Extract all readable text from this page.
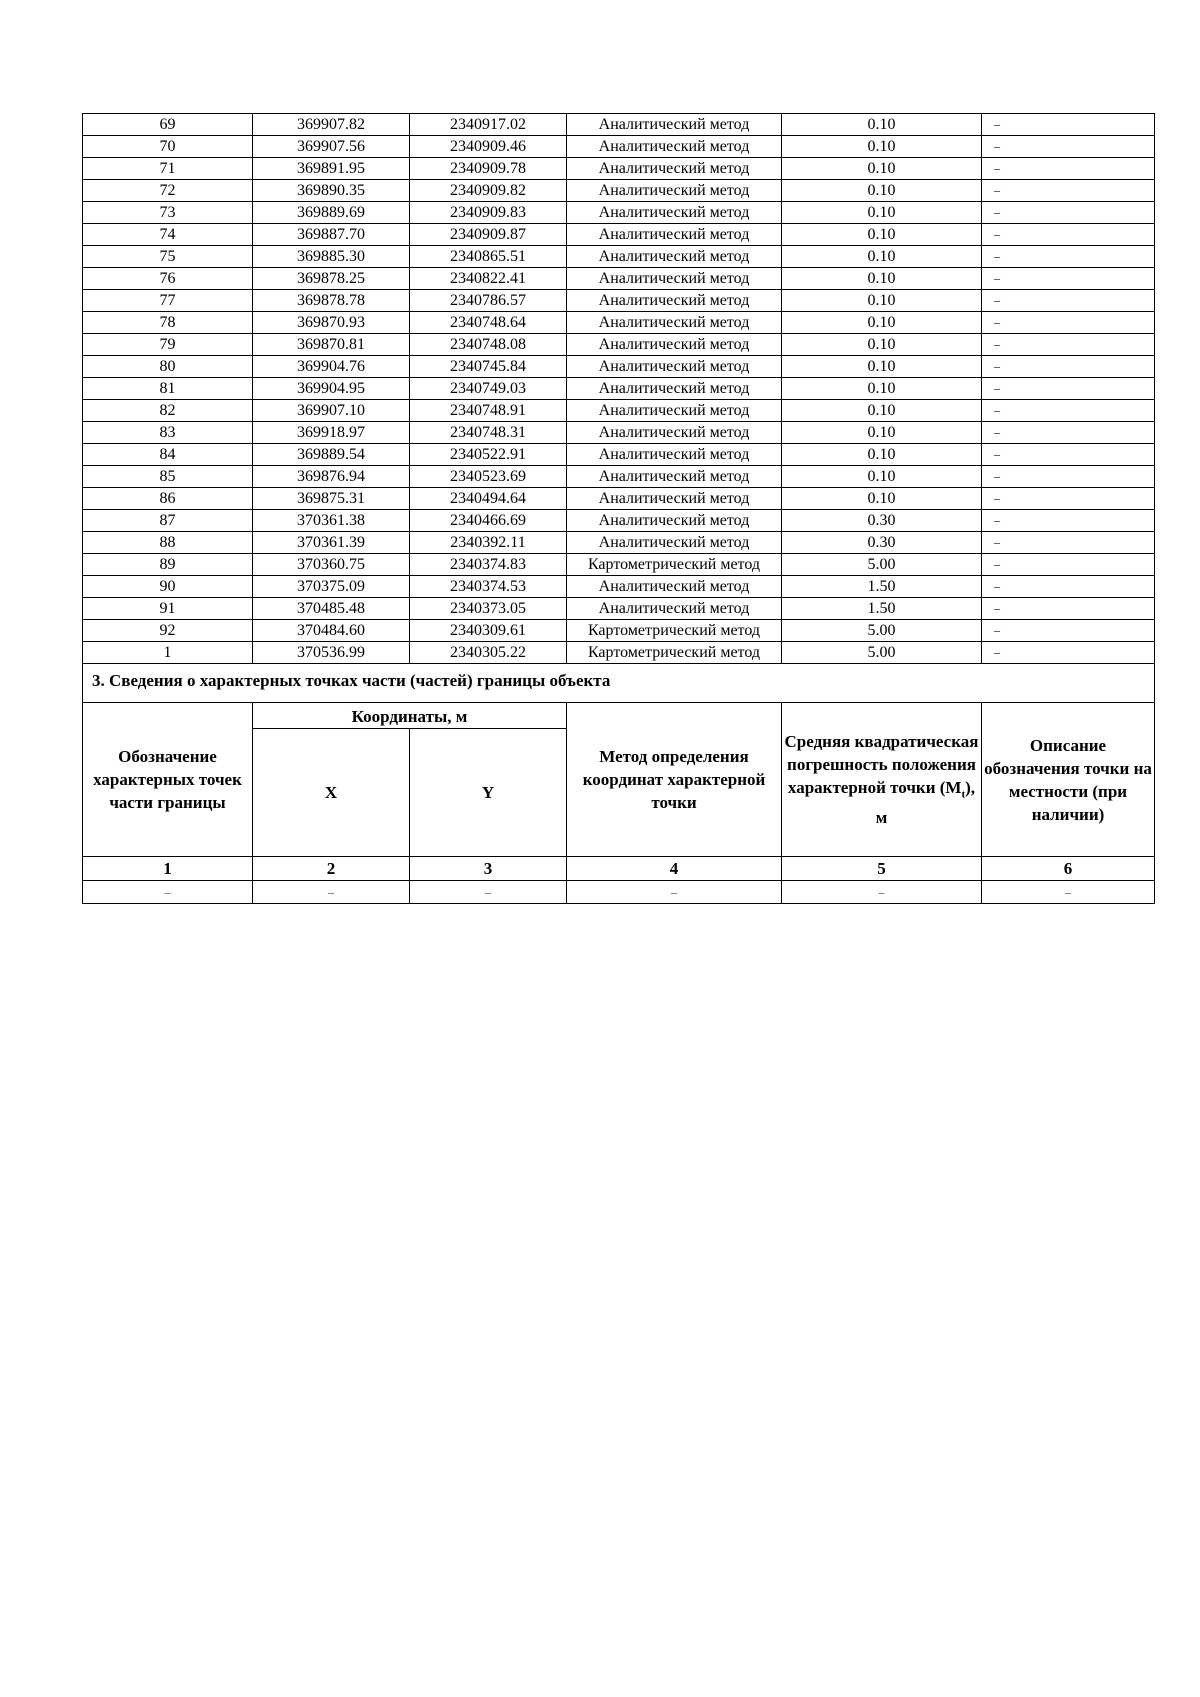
69	369907.82	2340917.02	Аналитический метод	0.10	–
70	369907.56	2340909.46	Аналитический метод	0.10	–
71	369891.95	2340909.78	Аналитический метод	0.10	–
72	369890.35	2340909.82	Аналитический метод	0.10	–
73	369889.69	2340909.83	Аналитический метод	0.10	–
74	369887.70	2340909.87	Аналитический метод	0.10	–
75	369885.30	2340865.51	Аналитический метод	0.10	–
76	369878.25	2340822.41	Аналитический метод	0.10	–
77	369878.78	2340786.57	Аналитический метод	0.10	–
78	369870.93	2340748.64	Аналитический метод	0.10	–
79	369870.81	2340748.08	Аналитический метод	0.10	–
80	369904.76	2340745.84	Аналитический метод	0.10	–
81	369904.95	2340749.03	Аналитический метод	0.10	–
82	369907.10	2340748.91	Аналитический метод	0.10	–
83	369918.97	2340748.31	Аналитический метод	0.10	–
84	369889.54	2340522.91	Аналитический метод	0.10	–
85	369876.94	2340523.69	Аналитический метод	0.10	–
86	369875.31	2340494.64	Аналитический метод	0.10	–
87	370361.38	2340466.69	Аналитический метод	0.30	–
88	370361.39	2340392.11	Аналитический метод	0.30	–
89	370360.75	2340374.83	Картометрический метод	5.00	–
90	370375.09	2340374.53	Аналитический метод	1.50	–
91	370485.48	2340373.05	Аналитический метод	1.50	–
92	370484.60	2340309.61	Картометрический метод	5.00	–
1	370536.99	2340305.22	Картометрический метод	5.00	–
3. Сведения о характерных точках части (частей) границы объекта					
Обозначение характерных точек части границы	Координаты, м		Метод определения координат характерной точки	Средняя квадратическая погрешность положения характерной точки $(M_t)$, м	Описание обозначения точки на местности (при наличии)
	X	Y			
1	2	3	4	5	6
–	–	–	–	–	–
